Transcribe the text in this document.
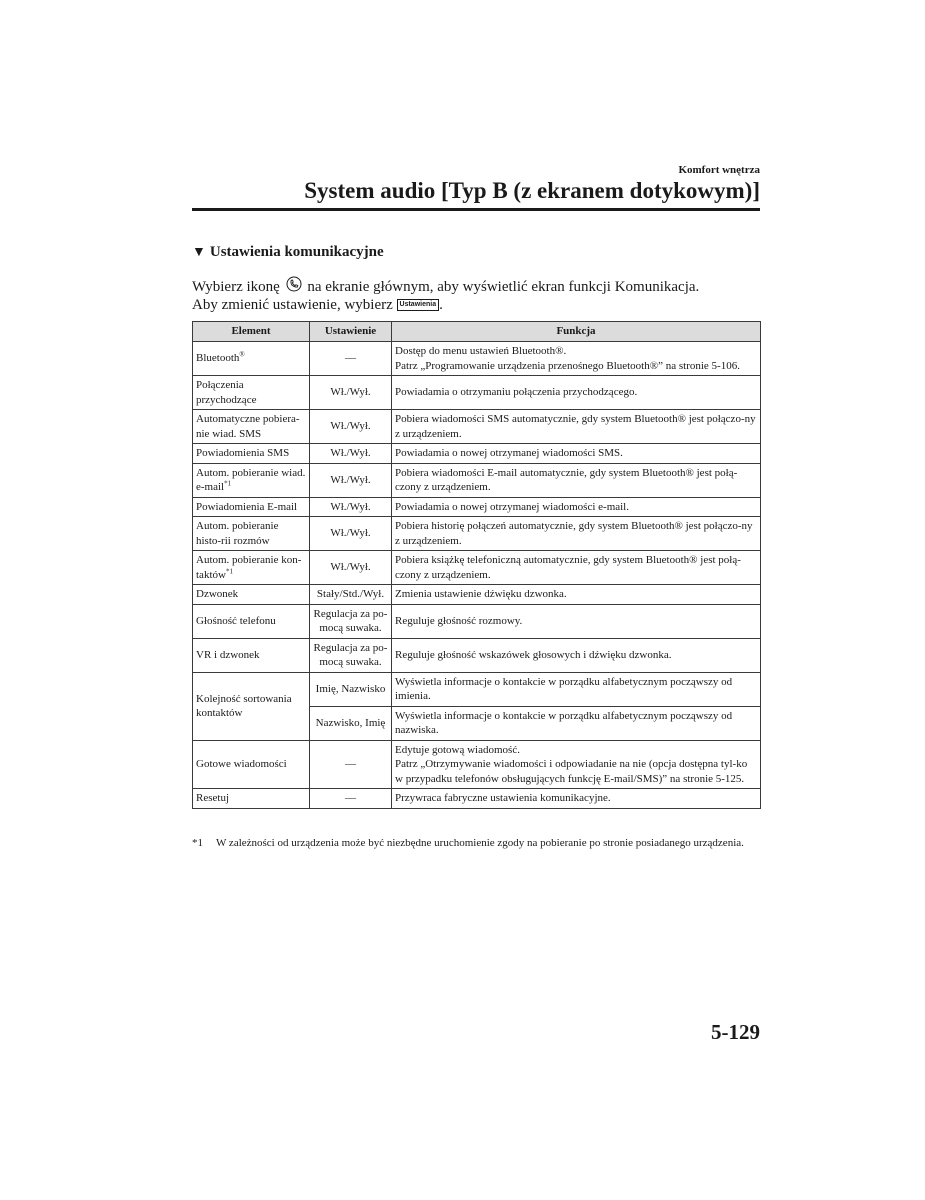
Komfort wnętrza
System audio [Typ B (z ekranem dotykowym)]
▼ Ustawienia komunikacyjne

Wybierz ikonę na ekranie głównym, aby wyświetlić ekran funkcji Komunikacja.

Aby zmienić ustawienie, wybierz Ustawienia .

Element	Ustawienie	Funkcja
Bluetooth®	—	Dostęp do menu ustawień Bluetooth®.
Patrz „Programowanie urządzenia przenośnego Bluetooth®” na stronie 5-106.

Połączenia przychodzące	Wł./Wył.	Powiadamia o otrzymaniu połączenia przychodzącego.
Automatyczne pobiera-nie wiad. SMS	Wł./Wył.	Pobiera wiadomości SMS automatycznie, gdy system Bluetooth® jest połączo-ny z urządzeniem.
Powiadomienia SMS	Wł./Wył.	Powiadamia o nowej otrzymanej wiadomości SMS.
Autom. pobieranie wiad. e-mail$^{*1}$	Wł./Wył.	Pobiera wiadomości E-mail automatycznie, gdy system Bluetooth® jest połą-czony z urządzeniem.
Powiadomienia E-mail	Wł./Wył.	Powiadamia o nowej otrzymanej wiadomości e-mail.
Autom. pobieranie histo-rii rozmów	Wł./Wył.	Pobiera historię połączeń automatycznie, gdy system Bluetooth® jest połączo-ny z urządzeniem.
Autom. pobieranie kon-taktów$^{*1}$	Wł./Wył.	Pobiera książkę telefoniczną automatycznie, gdy system Bluetooth® jest połą-czony z urządzeniem.
Dzwonek	Stały/Std./Wył.	Zmienia ustawienie dźwięku dzwonka.
Głośność telefonu	Regulacja za po-mocą suwaka.	Reguluje głośność rozmowy.
VR i dzwonek	Regulacja za po-mocą suwaka.	Reguluje głośność wskazówek głosowych i dźwięku dzwonka.
Kolejność sortowania kontaktów	Imię, Nazwisko	Wyświetla informacje o kontakcie w porządku alfabetycznym począwszy od imienia.
	Nazwisko, Imię	Wyświetla informacje o kontakcie w porządku alfabetycznym począwszy od nazwiska.
Gotowe wiadomości	—	Edytuje gotową wiadomość.
Patrz „Otrzymywanie wiadomości i odpowiadanie na nie (opcja dostępna tyl-ko w przypadku telefonów obsługujących funkcję E-mail/SMS)” na stronie 5-125.

Resetuj	—	Przywraca fabryczne ustawienia komunikacyjne.
*1 W zależności od urządzenia może być niezbędne uruchomienie zgody na pobieranie po stronie posiadanego urządzenia.
5-129
